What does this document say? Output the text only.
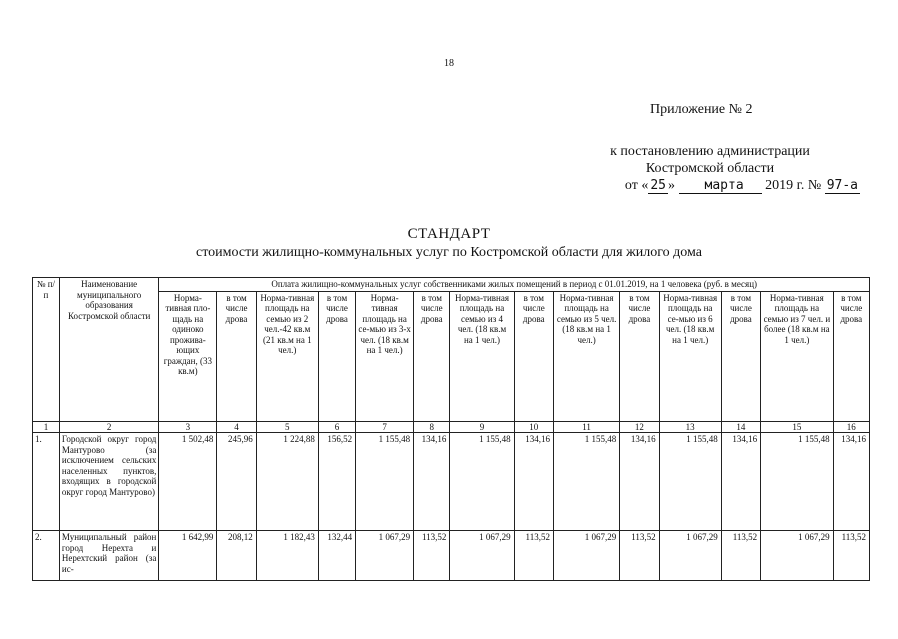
18
Приложение № 2
к постановлению администрации
Костромской области
от « 25 » марта 2019 г. № 97-а
СТАНДАРТ
стоимости жилищно-коммунальных услуг по Костромской области для жилого дома
№ п/п	Наименование муниципального образования Костромской области	Оплата жилищно-коммунальных услуг собственниками жилых помещений в период с 01.01.2019, на 1 человека (руб. в месяц)													
		Норма-тивная пло-щадь на одиноко прожива-ющих граждан, (33 кв.м)	в том числе дрова	Норма-тивная площадь на семью из 2 чел.-42 кв.м (21 кв.м на 1 чел.)	в том числе дрова	Норма-тивная площадь на се-мью из 3-х чел. (18 кв.м на 1 чел.)	в том числе дрова	Норма-тивная площадь на семью из 4 чел. (18 кв.м на 1 чел.)	в том числе дрова	Норма-тивная площадь на семью из 5 чел. (18 кв.м на 1 чел.)	в том числе дрова	Норма-тивная площадь на се-мью из 6 чел. (18 кв.м на 1 чел.)	в том числе дрова	Норма-тивная площадь на семью из 7 чел. и более (18 кв.м на 1 чел.)	в том числе дрова
1	2	3	4	5	6	7	8	9	10	11	12	13	14	15	16
1.	Городской округ город Мантурово (за исключением сельских населенных пунктов, входящих в городской округ город Мантурово)	1 502,48	245,96	1 224,88	156,52	1 155,48	134,16	1 155,48	134,16	1 155,48	134,16	1 155,48	134,16	1 155,48	134,16
2.	Муниципальный район город Нерехта и Нерехтский район (за ис-	1 642,99	208,12	1 182,43	132,44	1 067,29	113,52	1 067,29	113,52	1 067,29	113,52	1 067,29	113,52	1 067,29	113,52
